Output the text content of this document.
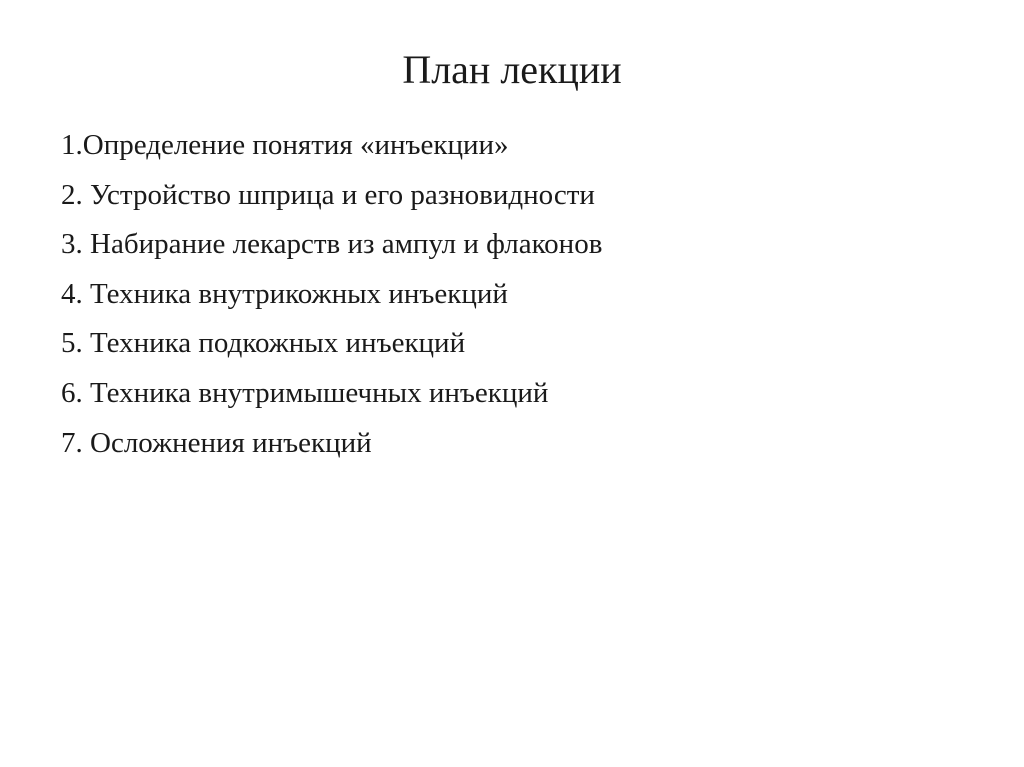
План лекции
1.Определение понятия «инъекции»
2. Устройство шприца и его разновидности
3. Набирание лекарств из ампул и флаконов
4. Техника внутрикожных инъекций
5. Техника подкожных инъекций
6. Техника внутримышечных инъекций
7. Осложнения инъекций
